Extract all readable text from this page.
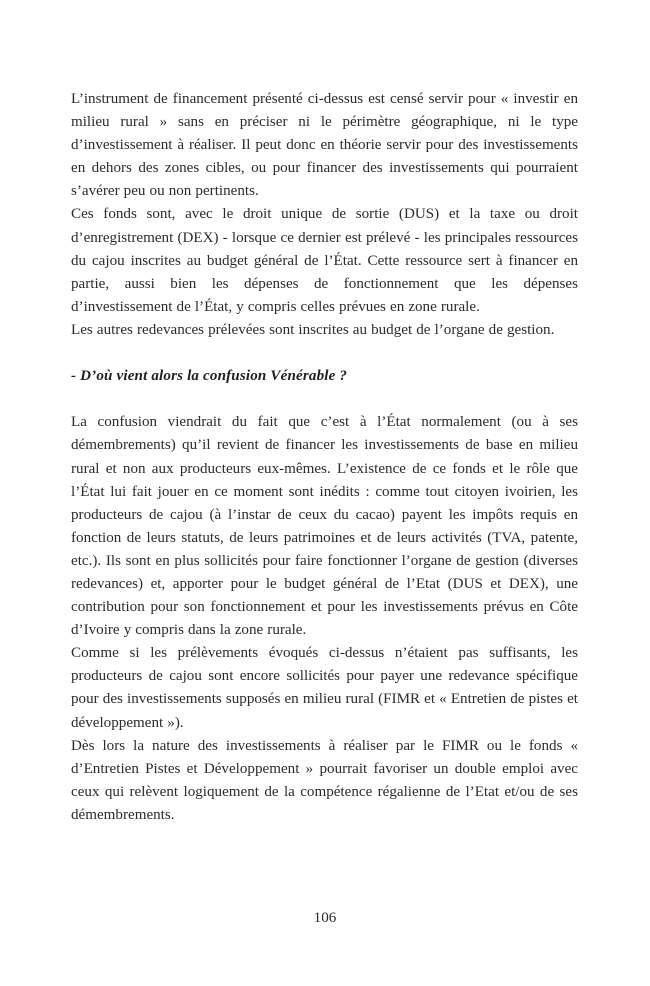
L’instrument de financement présenté ci-dessus est censé servir pour « investir en milieu rural » sans en préciser ni le périmètre géographique, ni le type d’investissement à réaliser. Il peut donc en théorie servir pour des investissements en dehors des zones cibles, ou pour financer des investissements qui pourraient s’avérer peu ou non pertinents.

Ces fonds sont, avec le droit unique de sortie (DUS) et la taxe ou droit d’enregistrement (DEX) - lorsque ce dernier est prélevé - les principales ressources du cajou inscrites au budget général de l’État. Cette ressource sert à financer en partie, aussi bien les dépenses de fonctionnement que les dépenses d’investissement de l’État, y compris celles prévues en zone rurale.

Les autres redevances prélevées sont inscrites au budget de l’organe de gestion.

- D’où vient alors la confusion Vénérable ?

La confusion viendrait du fait que c’est à l’État normalement (ou à ses démembrements) qu’il revient de financer les investissements de base en milieu rural et non aux producteurs eux-mêmes. L’existence de ce fonds et le rôle que l’État lui fait jouer en ce moment sont inédits : comme tout citoyen ivoirien, les producteurs de cajou (à l’instar de ceux du cacao) payent les impôts requis en fonction de leurs statuts, de leurs patrimoines et de leurs activités (TVA, patente, etc.). Ils sont en plus sollicités pour faire fonctionner l’organe de gestion (diverses redevances) et, apporter pour le budget général de l’Etat (DUS et DEX), une contribution pour son fonctionnement et pour les investissements prévus en Côte d’Ivoire y compris dans la zone rurale.

Comme si les prélèvements évoqués ci-dessus n’étaient pas suffisants, les producteurs de cajou sont encore sollicités pour payer une redevance spécifique pour des investissements supposés en milieu rural (FIMR et « Entretien de pistes et développement »).

Dès lors la nature des investissements à réaliser par le FIMR ou le fonds « d’Entretien Pistes et Développement » pourrait favoriser un double emploi avec ceux qui relèvent logiquement de la compétence régalienne de l’Etat et/ou de ses démembrements.

106
